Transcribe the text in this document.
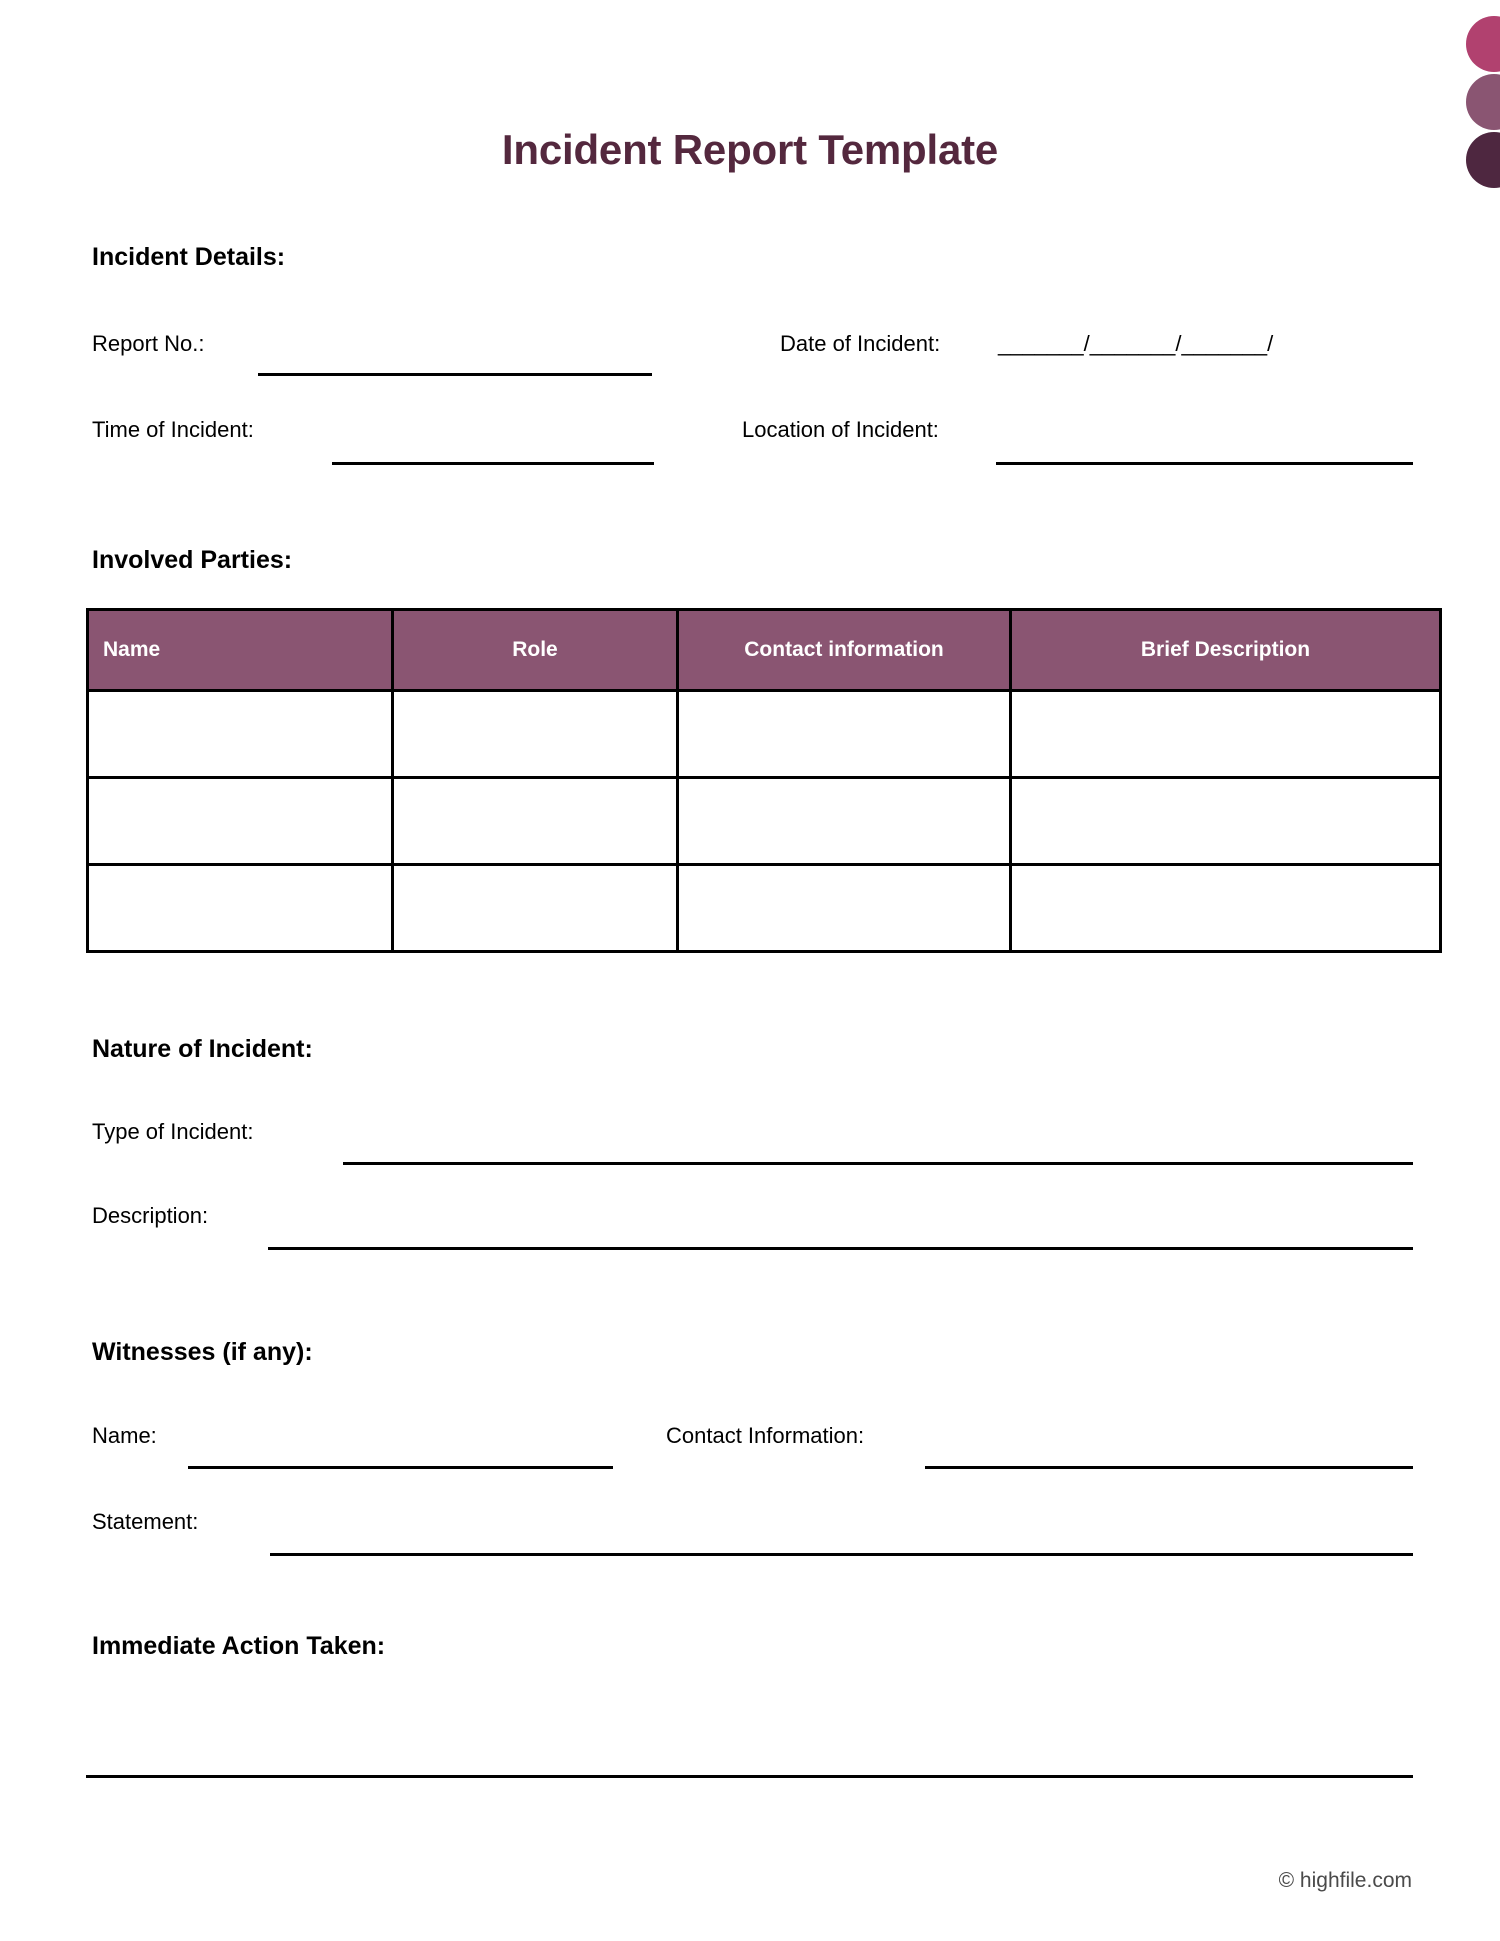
Incident Report Template
Incident Details:
Report No.:	Date of Incident:	_______/_______/_______/
Time of Incident:	Location of Incident:
Involved Parties:
Name	Role	Contact information	Brief Description

Nature of Incident:
Type of Incident:
Description:
Witnesses (if any):
Name:	Contact Information:
Statement:
Immediate Action Taken:
© highfile.com
